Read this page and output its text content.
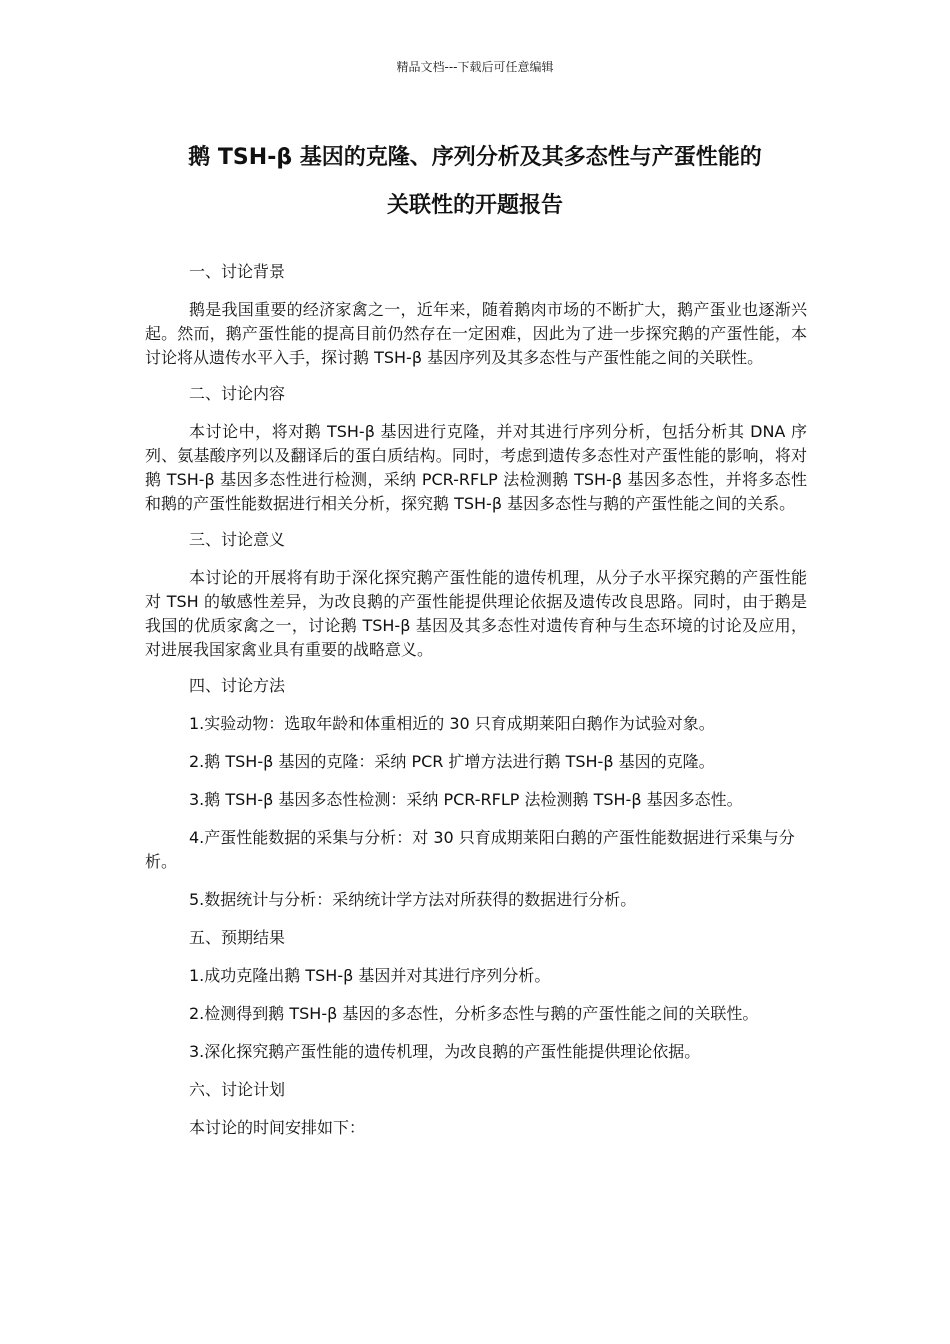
精品文档---下载后可任意编辑
鹅 TSH-β 基因的克隆、序列分析及其多态性与产蛋性能的
关联性的开题报告

一、讨论背景

鹅是我国重要的经济家禽之一，近年来，随着鹅肉市场的不断扩大，鹅产蛋业也逐渐兴起。然而，鹅产蛋性能的提高目前仍然存在一定困难，因此为了进一步探究鹅的产蛋性能，本讨论将从遗传水平入手，探讨鹅 TSH-β 基因序列及其多态性与产蛋性能之间的关联性。

二、讨论内容

本讨论中，将对鹅 TSH-β 基因进行克隆，并对其进行序列分析，包括分析其 DNA 序列、氨基酸序列以及翻译后的蛋白质结构。同时，考虑到遗传多态性对产蛋性能的影响，将对鹅 TSH-β 基因多态性进行检测，采纳 PCR-RFLP 法检测鹅 TSH-β 基因多态性，并将多态性和鹅的产蛋性能数据进行相关分析，探究鹅 TSH-β 基因多态性与鹅的产蛋性能之间的关系。

三、讨论意义

本讨论的开展将有助于深化探究鹅产蛋性能的遗传机理，从分子水平探究鹅的产蛋性能对 TSH 的敏感性差异，为改良鹅的产蛋性能提供理论依据及遗传改良思路。同时，由于鹅是我国的优质家禽之一，讨论鹅 TSH-β 基因及其多态性对遗传育种与生态环境的讨论及应用，对进展我国家禽业具有重要的战略意义。

四、讨论方法

1.实验动物：选取年龄和体重相近的 30 只育成期莱阳白鹅作为试验对象。

2.鹅 TSH-β 基因的克隆：采纳 PCR 扩增方法进行鹅 TSH-β 基因的克隆。

3.鹅 TSH-β 基因多态性检测：采纳 PCR-RFLP 法检测鹅 TSH-β 基因多态性。

4.产蛋性能数据的采集与分析：对 30 只育成期莱阳白鹅的产蛋性能数据进行采集与分析。

5.数据统计与分析：采纳统计学方法对所获得的数据进行分析。

五、预期结果

1.成功克隆出鹅 TSH-β 基因并对其进行序列分析。

2.检测得到鹅 TSH-β 基因的多态性，分析多态性与鹅的产蛋性能之间的关联性。

3.深化探究鹅产蛋性能的遗传机理，为改良鹅的产蛋性能提供理论依据。

六、讨论计划

本讨论的时间安排如下：
